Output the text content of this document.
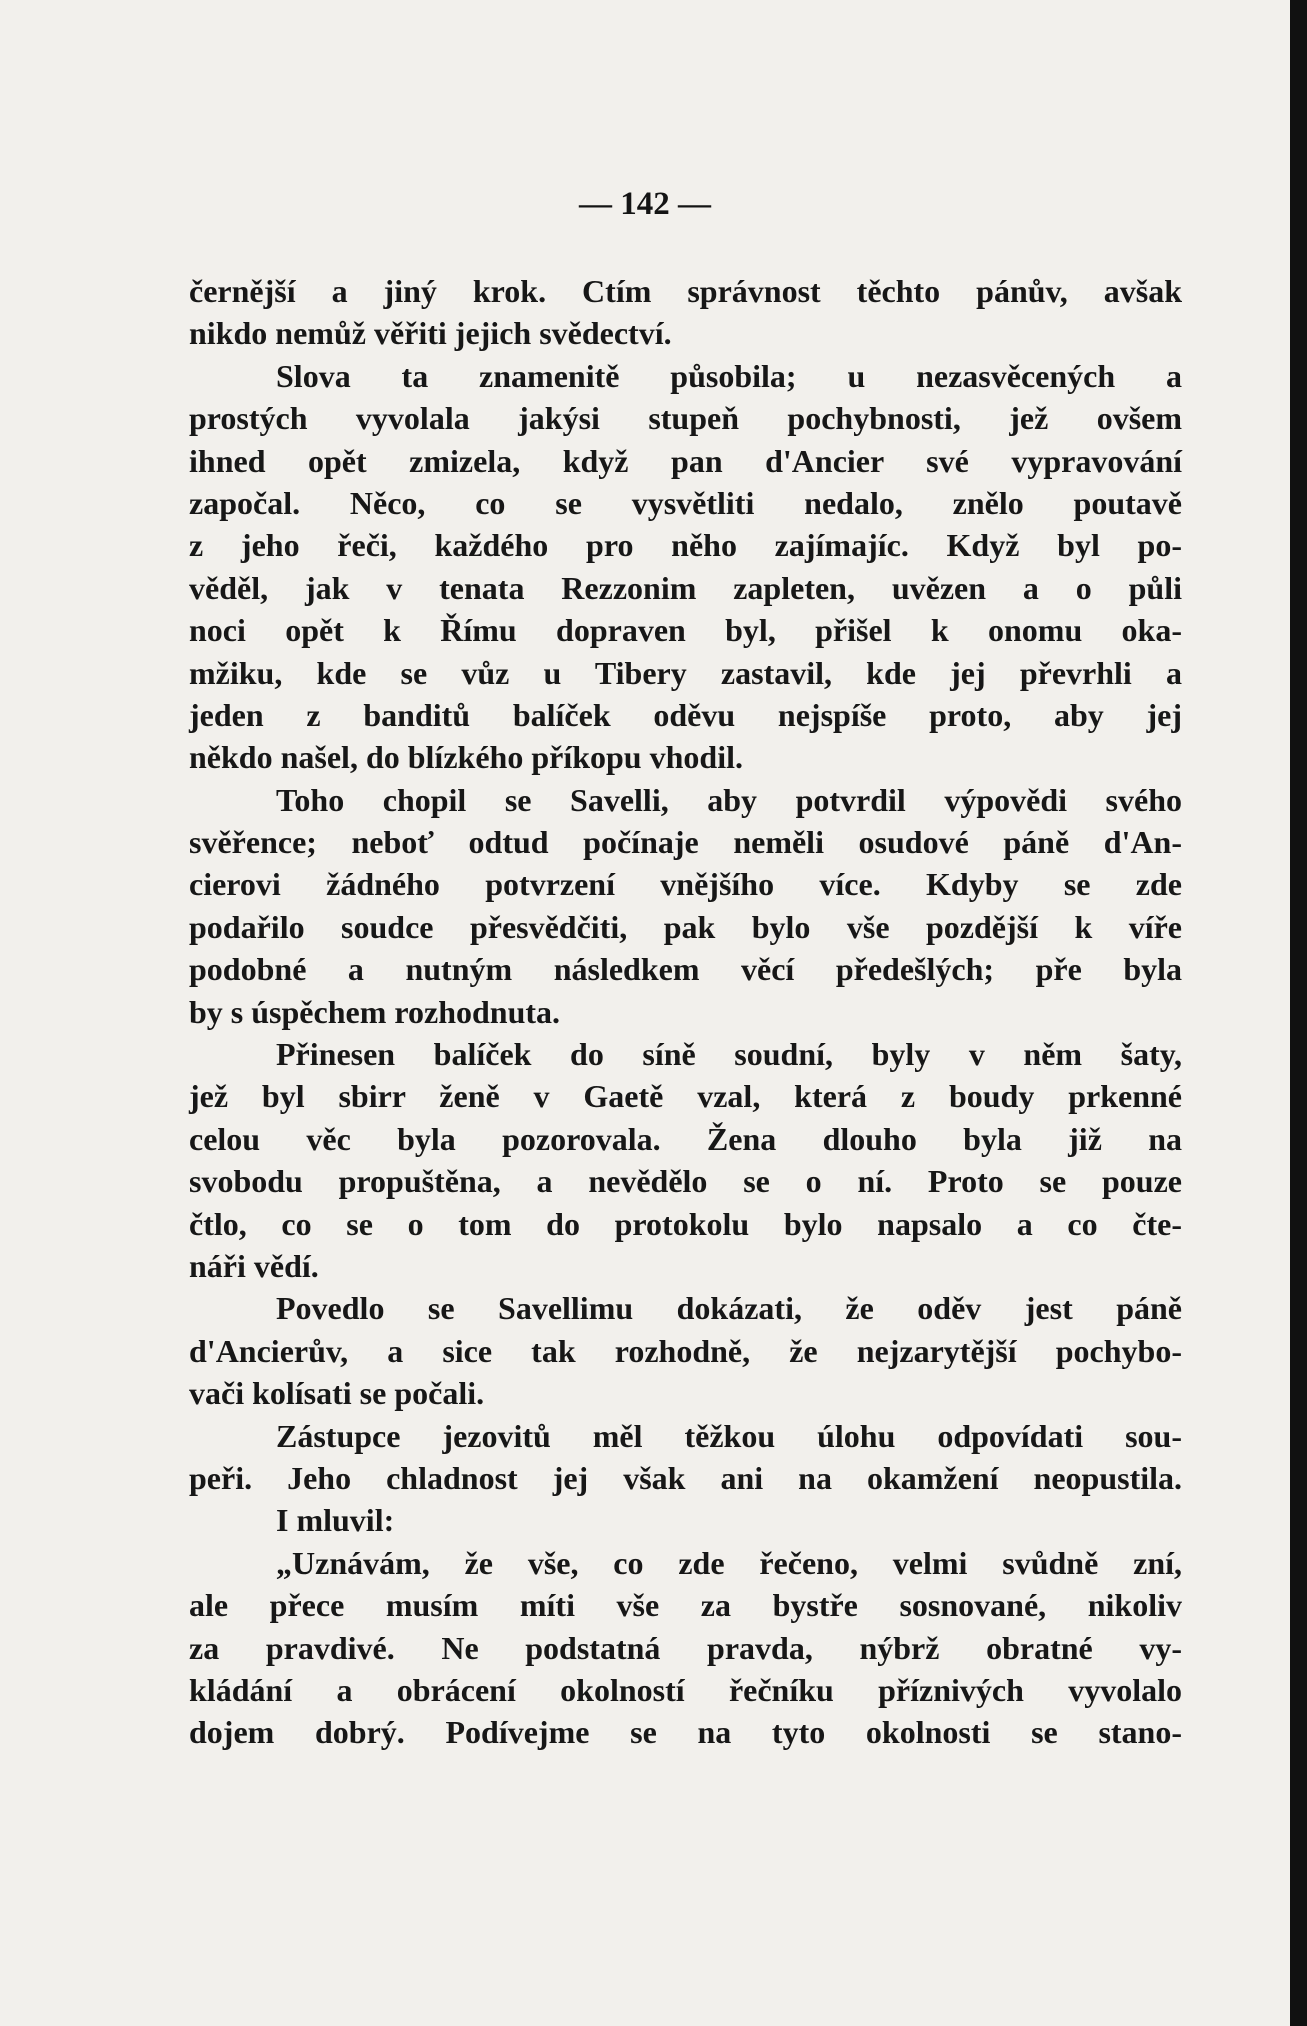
— 142 —
černější a jiný krok. Ctím správnost těchto pánův, avšak
nikdo nemůž věřiti jejich svědectví.
Slova ta znamenitě působila; u nezasvěcených a
prostých vyvolala jakýsi stupeň pochybnosti, jež ovšem
ihned opět zmizela, když pan d'Ancier své vypravování
započal. Něco, co se vysvětliti nedalo, znělo poutavě
z jeho řeči, každého pro něho zajímajíc. Když byl po-
věděl, jak v tenata Rezzonim zapleten, uvězen a o půli
noci opět k Římu dopraven byl, přišel k onomu oka-
mžiku, kde se vůz u Tibery zastavil, kde jej převrhli a
jeden z banditů balíček oděvu nejspíše proto, aby jej
někdo našel, do blízkého příkopu vhodil.
Toho chopil se Savelli, aby potvrdil výpovědi svého
svěřence; neboť odtud počínaje neměli osudové páně d'An-
cierovi žádného potvrzení vnějšího více. Kdyby se zde
podařilo soudce přesvědčiti, pak bylo vše pozdější k víře
podobné a nutným následkem věcí předešlých; pře byla
by s úspěchem rozhodnuta.
Přinesen balíček do síně soudní, byly v něm šaty,
jež byl sbirr ženě v Gaetě vzal, která z boudy prkenné
celou věc byla pozorovala. Žena dlouho byla již na
svobodu propuštěna, a nevědělo se o ní. Proto se pouze
čtlo, co se o tom do protokolu bylo napsalo a co čte-
náři vědí.
Povedlo se Savellimu dokázati, že oděv jest páně
d'Ancierův, a sice tak rozhodně, že nejzarytější pochybo-
vači kolísati se počali.
Zástupce jezovitů měl těžkou úlohu odpovídati sou-
peři. Jeho chladnost jej však ani na okamžení neopustila.
I mluvil:
„Uznávám, že vše, co zde řečeno, velmi svůdně zní,
ale přece musím míti vše za bystře sosnované, nikoliv
za pravdivé. Ne podstatná pravda, nýbrž obratné vy-
kládání a obrácení okolností řečníku příznivých vyvolalo
dojem dobrý. Podívejme se na tyto okolnosti se stano-
